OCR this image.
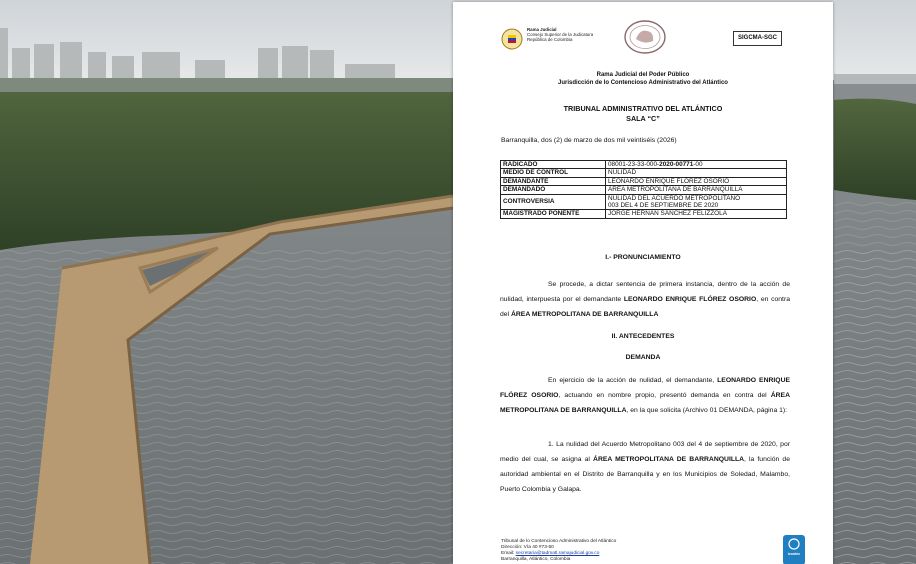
Rama Judicial
Consejo Superior de la Judicatura
República de Colombia	SIGCMA-SGC
Rama Judicial del Poder Público
Jurisdicción de lo Contencioso Administrativo del Atlántico
TRIBUNAL ADMINISTRATIVO DEL ATLÁNTICO
SALA “C”
Barranquilla, dos (2) de marzo de dos mil veintiséis (2026)
RADICADO	08001-23-33-000-2020-00771-00
MEDIO DE CONTROL	NULIDAD
DEMANDANTE	LEONARDO ENRIQUE FLÓREZ OSORIO
DEMANDADO	ÁREA METROPOLITANA DE BARRANQUILLA
CONTROVERSIA	NULIDAD DEL ACUERDO METROPOLITANO
003 DEL 4 DE SEPTIEMBRE DE 2020

MAGISTRADO PONENTE	JORGE HERNÁN SÁNCHEZ FELIZZOLA
I.- PRONUNCIAMIENTO
Se procede, a dictar sentencia de primera instancia, dentro de la acción de nulidad, interpuesta por el demandante LEONARDO ENRIQUE FLÓREZ OSORIO, en contra del ÁREA METROPOLITANA DE BARRANQUILLA
II. ANTECEDENTES
DEMANDA
En ejercicio de la acción de nulidad, el demandante, LEONARDO ENRIQUE FLÓREZ OSORIO, actuando en nombre propio, presentó demanda en contra del ÁREA METROPOLITANA DE BARRANQUILLA, en la que solicita (Archivo 01 DEMANDA, página 1):
1. La nulidad del Acuerdo Metropolitano 003 del 4 de septiembre de 2020, por medio del cual, se asigna al ÁREA METROPOLITANA DE BARRANQUILLA, la función de autoridad ambiental en el Distrito de Barranquilla y en los Municipios de Soledad, Malambo, Puerto Colombia y Galapa.
Tribunal de lo Contencioso Administrativo del Atlántico
Dirección: Vía 40 #73-50
Email: secretaria@tadmatl.ramajudicial.gov.co
Barranquilla, Atlántico, Colombia
icontec
